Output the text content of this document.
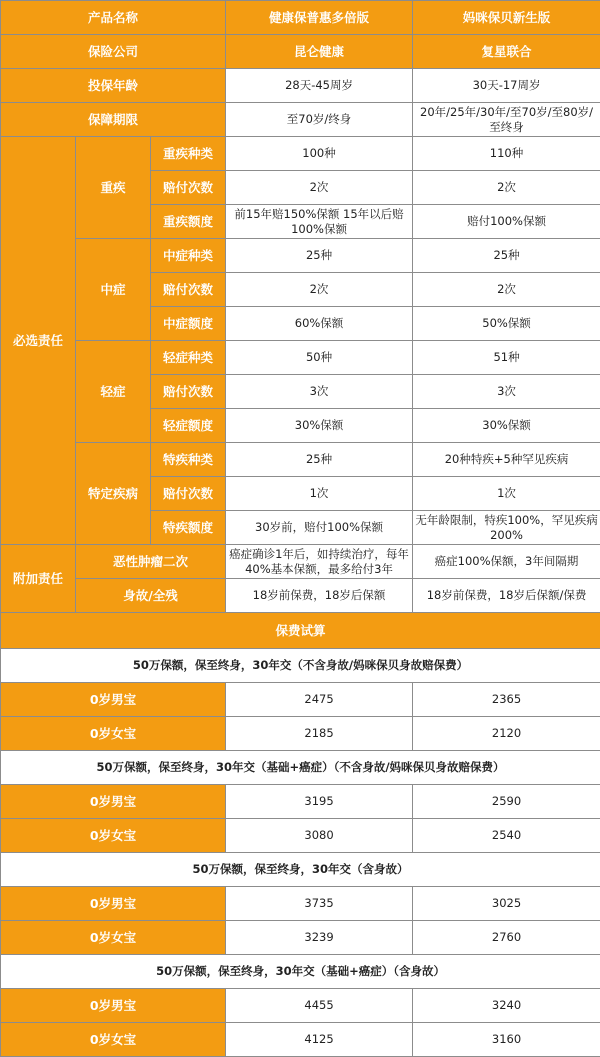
产品名称			健康保普惠多倍版	妈咪保贝新生版
保险公司			昆仑健康	复星联合
投保年龄			28天-45周岁	30天-17周岁
保障期限			至70岁/终身	20年/25年/30年/至70岁/至80岁/至终身
必选责任	重疾	重疾种类	100种	110种
		赔付次数	2次	2次
		重疾额度	前15年赔150%保额 15年以后赔100%保额	赔付100%保额
	中症	中症种类	25种	25种
		赔付次数	2次	2次
		中症额度	60%保额	50%保额
	轻症	轻症种类	50种	51种
		赔付次数	3次	3次
		轻症额度	30%保额	30%保额
	特定疾病	特疾种类	25种	20种特疾+5种罕见疾病
		赔付次数	1次	1次
		特疾额度	30岁前，赔付100%保额	无年龄限制，特疾100%，罕见疾病200%
附加责任	恶性肿瘤二次		癌症确诊1年后，如持续治疗，每年40%基本保额，最多给付3年	癌症100%保额，3年间隔期
	身故/全残		18岁前保费，18岁后保额	18岁前保费，18岁后保额/保费
保费试算				
50万保额，保至终身，30年交（不含身故/妈咪保贝身故赔保费）				
0岁男宝			2475	2365
0岁女宝			2185	2120
50万保额，保至终身，30年交（基础+癌症）（不含身故/妈咪保贝身故赔保费）				
0岁男宝			3195	2590
0岁女宝			3080	2540
50万保额，保至终身，30年交（含身故）				
0岁男宝			3735	3025
0岁女宝			3239	2760
50万保额，保至终身，30年交（基础+癌症）（含身故）				
0岁男宝			4455	3240
0岁女宝			4125	3160
